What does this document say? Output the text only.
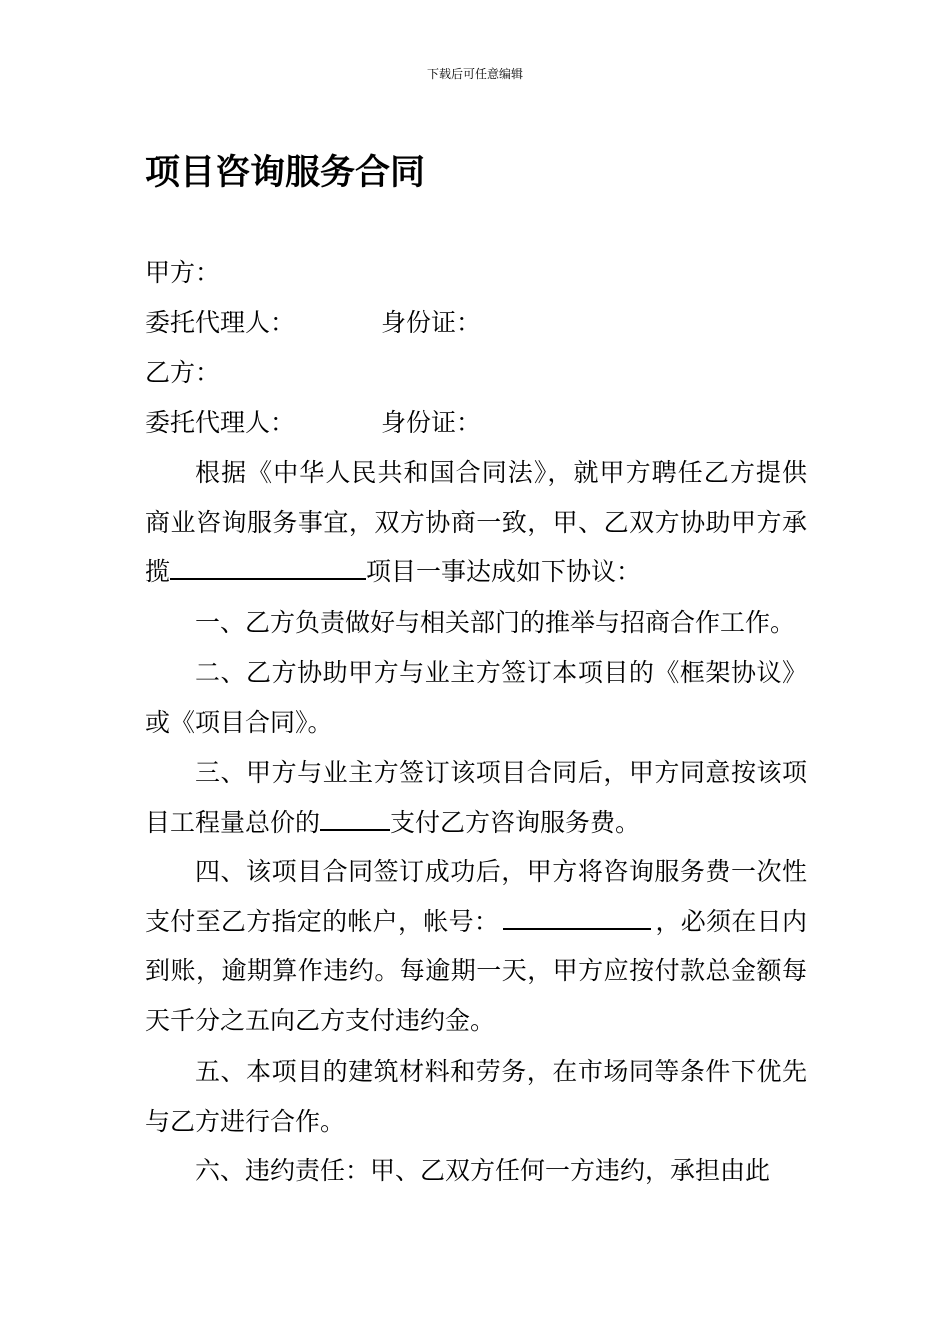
下载后可任意编辑
项目咨询服务合同
甲方：
委托代理人：	身份证：
乙方：
委托代理人：	身份证：

根据《中华人民共和国合同法》，就甲方聘任乙方提供商业咨询服务事宜，双方协商一致，甲、乙双方协助甲方承揽	项目一事达成如下协议：

一、乙方负责做好与相关部门的推举与招商合作工作。

二、乙方协助甲方与业主方签订本项目的《框架协议》或《项目合同》。

三、甲方与业主方签订该项目合同后，甲方同意按该项目工程量总价的	支付乙方咨询服务费。

四、该项目合同签订成功后，甲方将咨询服务费一次性支付至乙方指定的帐户，帐号：	，必须在日内到账，逾期算作违约。每逾期一天，甲方应按付款总金额每天千分之五向乙方支付违约金。

五、本项目的建筑材料和劳务，在市场同等条件下优先与乙方进行合作。

六、违约责任：甲、乙双方任何一方违约，承担由此
